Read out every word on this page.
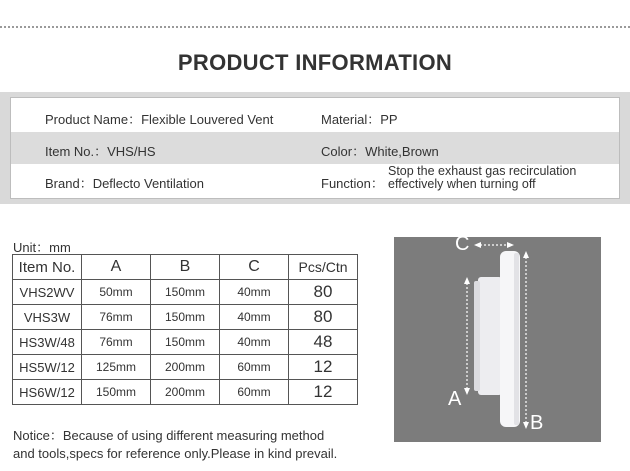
PRODUCT INFORMATION
Product Name：Flexible Louvered Vent	Material：PP
Item No.：VHS/HS	Color：White,Brown
Brand：Deflecto Ventilation	Function：
Stop the exhaust gas recirculation
effectively when turning off
Unit：mm
Item No.	A	B	C	Pcs/Ctn
VHS2WV	50mm	150mm	40mm	80
VHS3W	76mm	150mm	40mm	80
HS3W/48	76mm	150mm	40mm	48
HS5W/12	125mm	200mm	60mm	12
HS6W/12	150mm	200mm	60mm	12
Notice：Because of using different measuring method
and tools,specs for reference only.Please in kind prevail.
C
A
B
